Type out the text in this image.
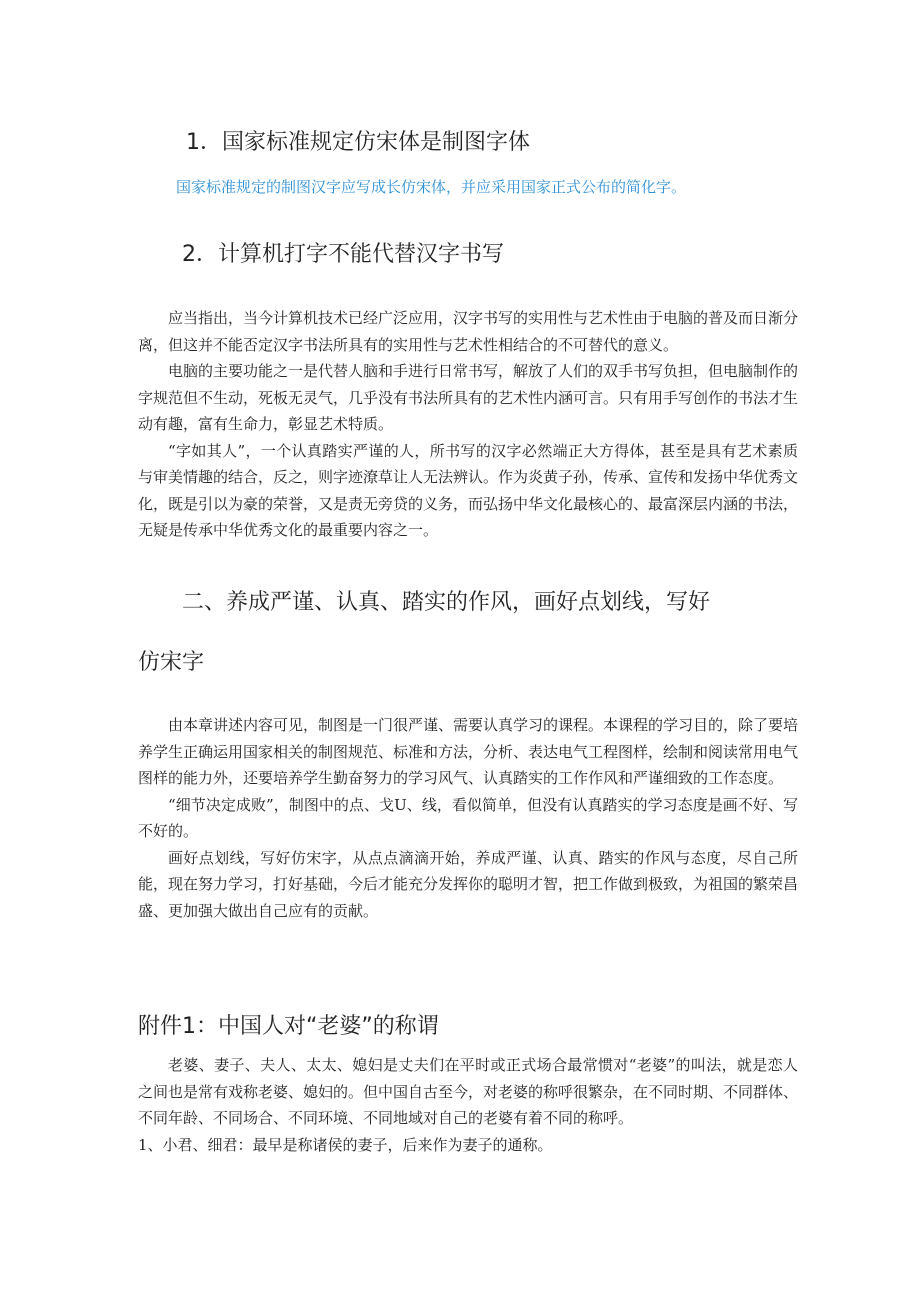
1．国家标准规定仿宋体是制图字体
国家标准规定的制图汉字应写成长仿宋体，并应采用国家正式公布的简化字。
2．计算机打字不能代替汉字书写

应当指出，当今计算机技术已经广泛应用，汉字书写的实用性与艺术性由于电脑的普及而日渐分离，但这并不能否定汉字书法所具有的实用性与艺术性相结合的不可替代的意义。

电脑的主要功能之一是代替人脑和手进行日常书写，解放了人们的双手书写负担，但电脑制作的字规范但不生动，死板无灵气，几乎没有书法所具有的艺术性内涵可言。只有用手写创作的书法才生动有趣，富有生命力，彰显艺术特质。

“字如其人”，一个认真踏实严谨的人，所书写的汉字必然端正大方得体，甚至是具有艺术素质与审美情趣的结合，反之，则字迹潦草让人无法辨认。作为炎黄子孙，传承、宣传和发扬中华优秀文化，既是引以为豪的荣誉，又是责无旁贷的义务，而弘扬中华文化最核心的、最富深层内涵的书法，无疑是传承中华优秀文化的最重要内容之一。

二、养成严谨、认真、踏实的作风，画好点划线，写好
仿宋字

由本章讲述内容可见，制图是一门很严谨、需要认真学习的课程。本课程的学习目的，除了要培养学生正确运用国家相关的制图规范、标准和方法，分析、表达电气工程图样，绘制和阅读常用电气图样的能力外，还要培养学生勤奋努力的学习风气、认真踏实的工作作风和严谨细致的工作态度。

“细节决定成败”，制图中的点、戈U、线，看似简单，但没有认真踏实的学习态度是画不好、写不好的。

画好点划线，写好仿宋字，从点点滴滴开始，养成严谨、认真、踏实的作风与态度，尽自己所能，现在努力学习，打好基础，今后才能充分发挥你的聪明才智，把工作做到极致，为祖国的繁荣昌盛、更加强大做出自己应有的贡献。

附件1：中国人对“老婆”的称谓

老婆、妻子、夫人、太太、媳妇是丈夫们在平时或正式场合最常惯对“老婆”的叫法，就是恋人之间也是常有戏称老婆、媳妇的。但中国自古至今，对老婆的称呼很繁杂，在不同时期、不同群体、不同年龄、不同场合、不同环境、不同地域对自己的老婆有着不同的称呼。

1、小君、细君：最早是称诸侯的妻子，后来作为妻子的通称。
